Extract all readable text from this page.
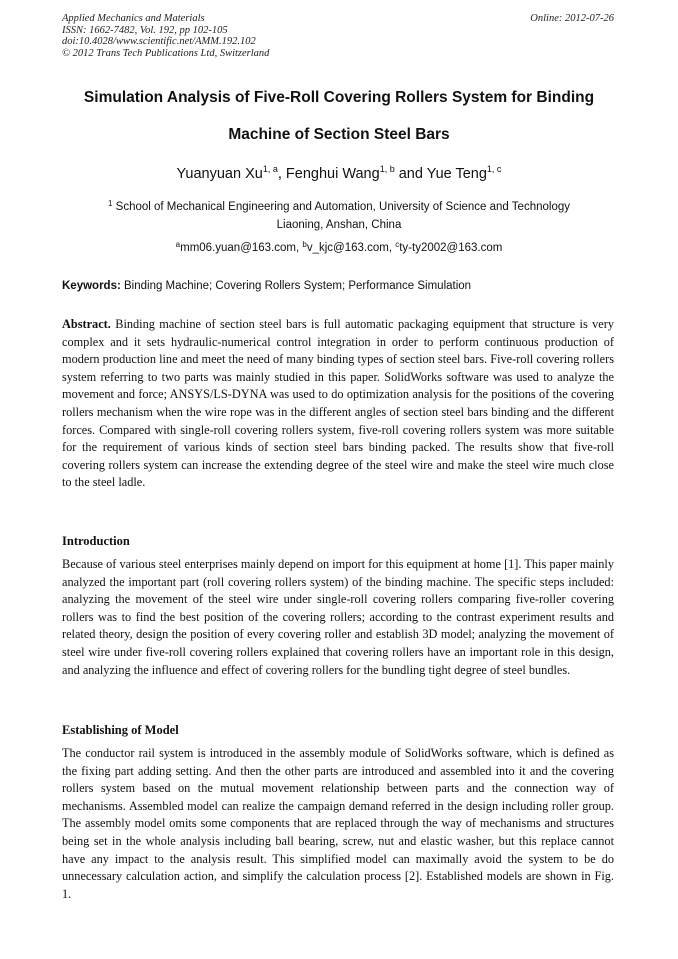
Applied Mechanics and Materials
ISSN: 1662-7482, Vol. 192, pp 102-105
doi:10.4028/www.scientific.net/AMM.192.102
© 2012 Trans Tech Publications Ltd, Switzerland
Online: 2012-07-26
Simulation Analysis of Five-Roll Covering Rollers System for Binding
Machine of Section Steel Bars
Yuanyuan Xu$^{1, a}$, Fenghui Wang$^{1, b}$ and Yue Teng$^{1, c}$
$^1$ School of Mechanical Engineering and Automation, University of Science and Technology
Liaoning, Anshan, China
$^a$mm06.yuan@163.com, $^b$v_kjc@163.com, $^c$ty-ty2002@163.com
Keywords: Binding Machine; Covering Rollers System; Performance Simulation

Abstract. Binding machine of section steel bars is full automatic packaging equipment that structure is very complex and it sets hydraulic-numerical control integration in order to perform continuous production of modern production line and meet the need of many binding types of section steel bars. Five-roll covering rollers system referring to two parts was mainly studied in this paper. SolidWorks software was used to analyze the movement and force; ANSYS/LS-DYNA was used to do optimization analysis for the positions of the covering rollers mechanism when the wire rope was in the different angles of section steel bars binding and the different forces. Compared with single-roll covering rollers system, five-roll covering rollers system was more suitable for the requirement of various kinds of section steel bars binding packed. The results show that five-roll covering rollers system can increase the extending degree of the steel wire and make the steel wire much close to the steel ladle.

Introduction

Because of various steel enterprises mainly depend on import for this equipment at home [1]. This paper mainly analyzed the important part (roll covering rollers system) of the binding machine. The specific steps included: analyzing the movement of the steel wire under single-roll covering rollers comparing five-roller covering rollers was to find the best position of the covering rollers; according to the contrast experiment results and related theory, design the position of every covering roller and establish 3D model; analyzing the movement of steel wire under five-roll covering rollers explained that covering rollers have an important role in this design, and analyzing the influence and effect of covering rollers for the bundling tight degree of steel bundles.

Establishing of Model

The conductor rail system is introduced in the assembly module of SolidWorks software, which is defined as the fixing part adding setting. And then the other parts are introduced and assembled into it and the covering rollers system based on the mutual movement relationship between parts and the connection way of mechanisms. Assembled model can realize the campaign demand referred in the design including roller group. The assembly model omits some components that are replaced through the way of mechanisms and structures being set in the whole analysis including ball bearing, screw, nut and elastic washer, but this replace cannot have any impact to the analysis result. This simplified model can maximally avoid the system to be do unnecessary calculation action, and simplify the calculation process [2]. Established models are shown in Fig. 1.
